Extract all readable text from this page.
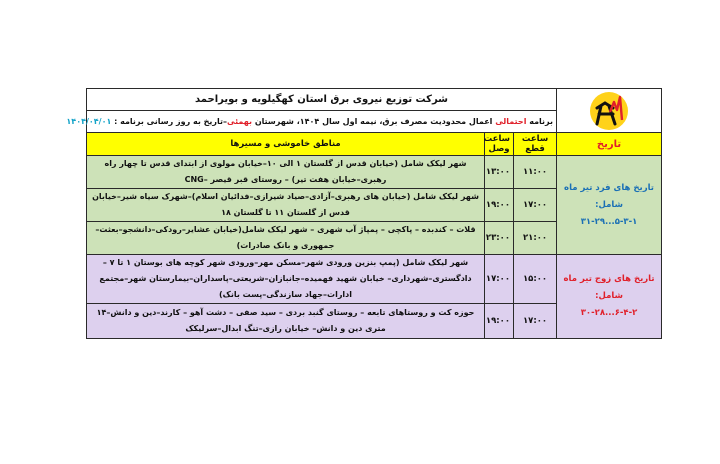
	شرکت توزیع نیروی برق استان کهگیلویه و بویراحمد		
	برنامه احتمالی اعمال محدودیت مصرف برق، نیمه اول سال ۱۴۰۴، شهرستان بهمئی–تاریخ به روز رسانی برنامه : ۱۴۰۴/۰۴/۰۱		
تاریخ	ساعت قطع	ساعت وصل	مناطق خاموشی و مسیرها

تاریخ های فرد تیر ماه شامل:
۵-۳-۱...۳۱-۲۹	۱۱:۰۰	۱۳:۰۰	شهر لیکک شامل (خیابان قدس از گلستان ۱ الی ۱۰–خیابان مولوی از ابتدای قدس تا چهار راه رهبری–خیابان هفت تیر) – روستای قبر قیصر –CNG
	۱۷:۰۰	۱۹:۰۰	شهر لیکک شامل (خیابان های رهبری–آزادی–صیاد شیرازی–فدائیان اسلام)–شهرک سیاه شیر–خیابان قدس از گلستان ۱۱ تا گلستان ۱۸
	۲۱:۰۰	۲۳:۰۰	قلات – کندبده – پاکچی – پمپاژ آب شهری – شهر لیکک شامل(خیابان عشایر–رودکی–دانشجو–بعثت–جمهوری و بانک صادرات)

تاریخ های زوج تیر ماه شامل:
۶-۴-۲...۳۰-۲۸	۱۵:۰۰	۱۷:۰۰	شهر لیکک شامل (پمپ بنزین ورودی شهر–مسکن مهر–ورودی شهر کوچه های بوستان ۱ تا ۷ –دادگستری–شهرداری– خیابان شهید فهمیده–جانبازان–شریعتی–پاسداران–بیمارستان شهر–مجتمع ادارات–جهاد سازندگی–پست بانک)
	۱۷:۰۰	۱۹:۰۰	حوزه کت و روستاهای تابعه – روستای گنبد بردی – سید صفی – دشت آهو – کارند–دین و دانش–۱۴ متری دین و دانش– خیابان رازی–تنگ ابدال–سرلیکک
